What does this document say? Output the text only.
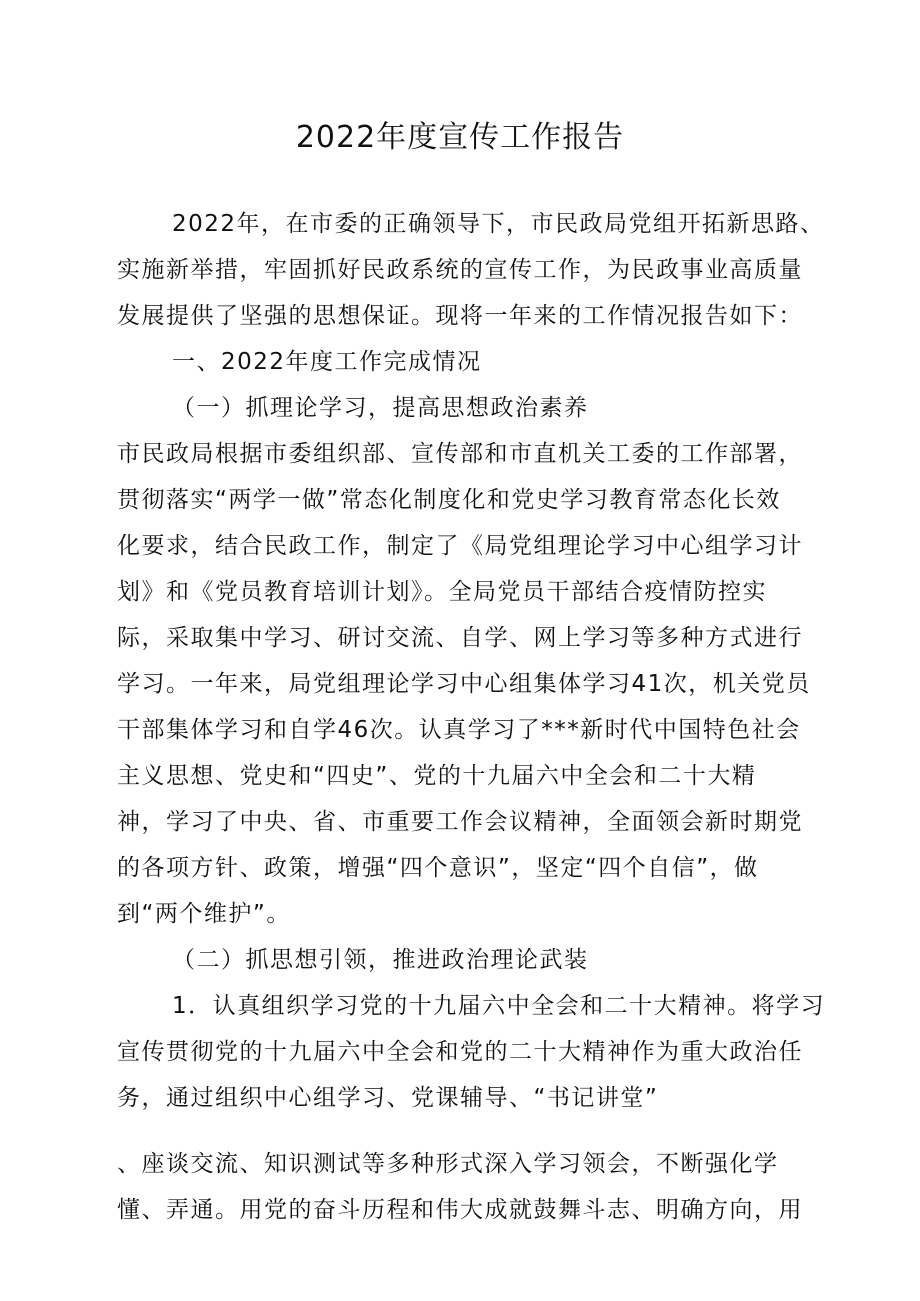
2022年度宣传工作报告
2022年，在市委的正确领导下，市民政局党组开拓新思路、
实施新举措，牢固抓好民政系统的宣传工作，为民政事业高质量
发展提供了坚强的思想保证。现将一年来的工作情况报告如下：
一、2022年度工作完成情况
（一）抓理论学习，提高思想政治素养
市民政局根据市委组织部、宣传部和市直机关工委的工作部署，
贯彻落实“两学一做”常态化制度化和党史学习教育常态化长效
化要求，结合民政工作，制定了《局党组理论学习中心组学习计
划》和《党员教育培训计划》。全局党员干部结合疫情防控实
际，采取集中学习、研讨交流、自学、网上学习等多种方式进行
学习。一年来，局党组理论学习中心组集体学习41次，机关党员
干部集体学习和自学46次。认真学习了***新时代中国特色社会
主义思想、党史和“四史”、党的十九届六中全会和二十大精
神，学习了中央、省、市重要工作会议精神，全面领会新时期党
的各项方针、政策，增强“四个意识”，坚定“四个自信”，做
到“两个维护”。
（二）抓思想引领，推进政治理论武装
1．认真组织学习党的十九届六中全会和二十大精神。将学习
宣传贯彻党的十九届六中全会和党的二十大精神作为重大政治任
务，通过组织中心组学习、党课辅导、“书记讲堂”
、座谈交流、知识测试等多种形式深入学习领会，不断强化学
懂、弄通。用党的奋斗历程和伟大成就鼓舞斗志、明确方向，用
